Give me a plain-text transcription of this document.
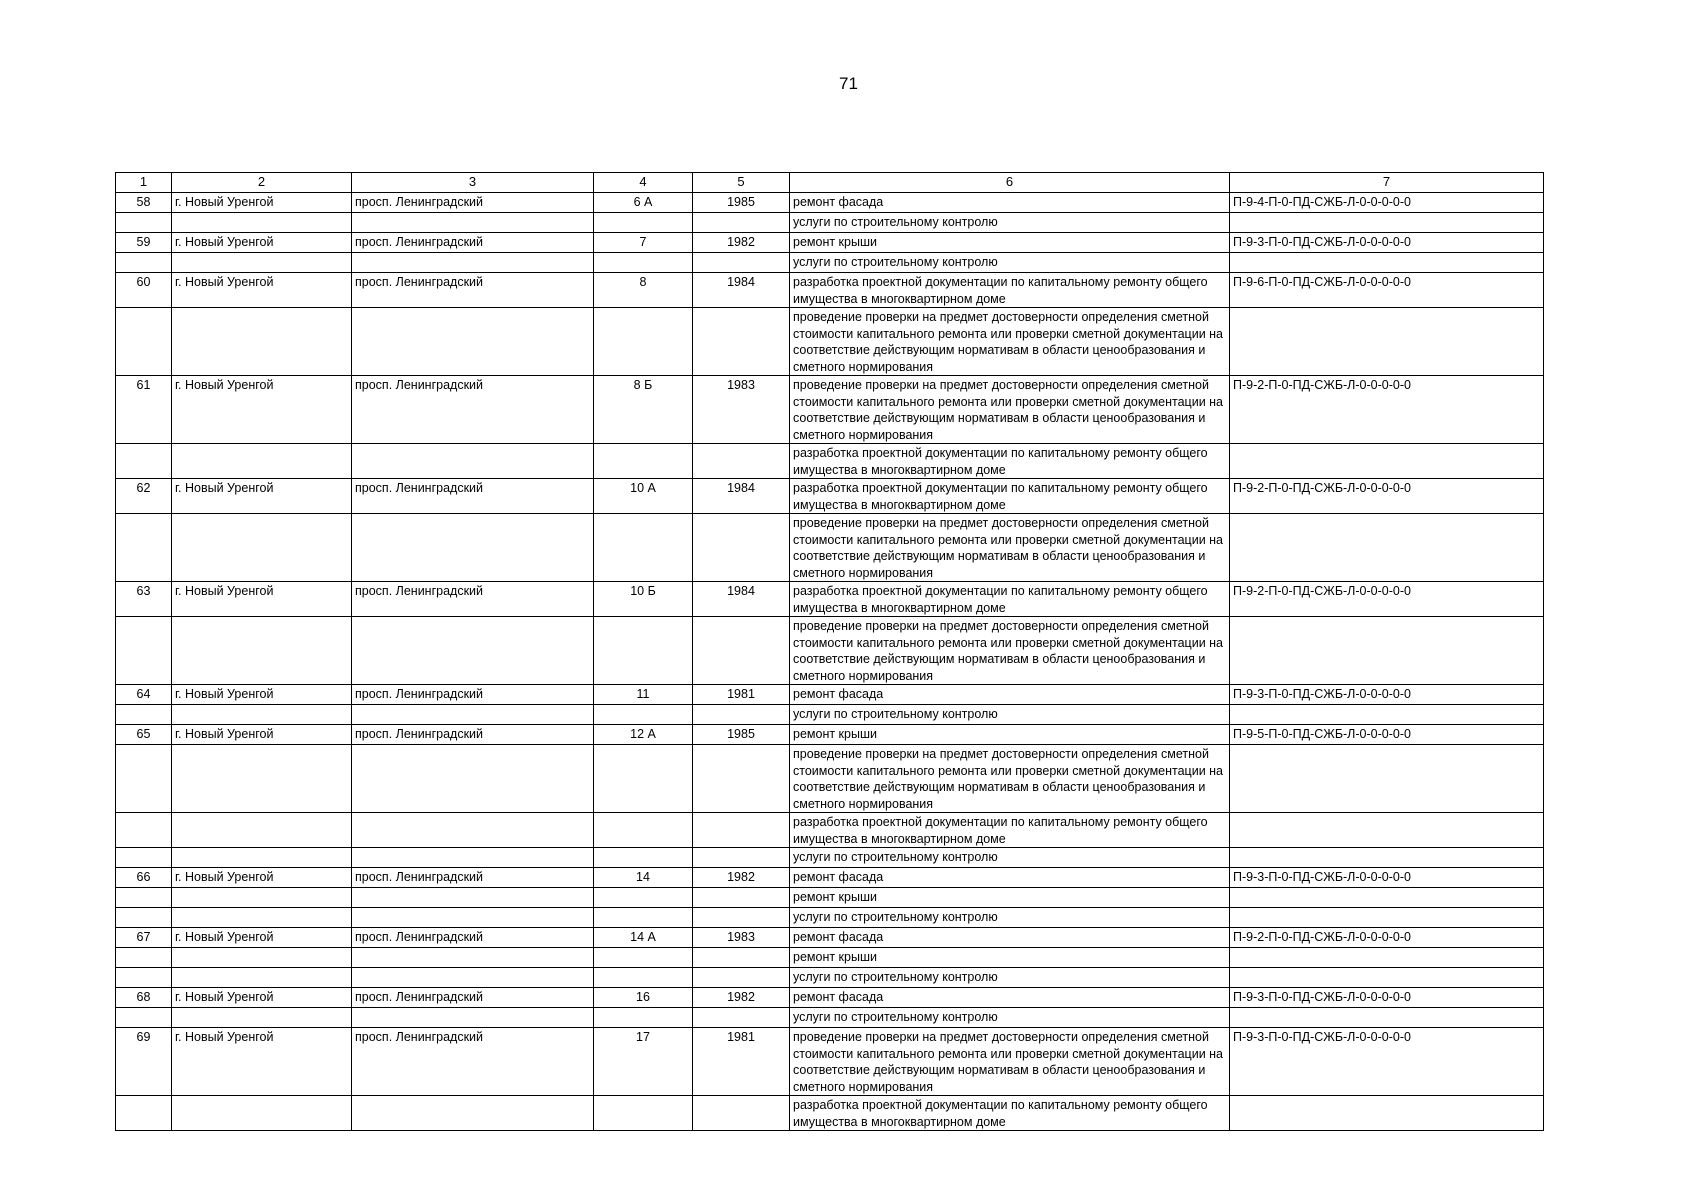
71
1	2	3	4	5	6	7
58	г. Новый Уренгой	просп. Ленинградский	6 А	1985	ремонт фасада	П-9-4-П-0-ПД-СЖБ-Л-0-0-0-0-0
					услуги по строительному контролю	
59	г. Новый Уренгой	просп. Ленинградский	7	1982	ремонт крыши	П-9-3-П-0-ПД-СЖБ-Л-0-0-0-0-0
					услуги по строительному контролю	
60	г. Новый Уренгой	просп. Ленинградский	8	1984	разработка проектной документации по капитальному ремонту общего имущества в многоквартирном доме	П-9-6-П-0-ПД-СЖБ-Л-0-0-0-0-0
					проведение проверки на предмет достоверности определения сметной стоимости капитального ремонта или проверки сметной документации на соответствие действующим нормативам в области ценообразования и сметного нормирования	
61	г. Новый Уренгой	просп. Ленинградский	8 Б	1983	проведение проверки на предмет достоверности определения сметной стоимости капитального ремонта или проверки сметной документации на соответствие действующим нормативам в области ценообразования и сметного нормирования	П-9-2-П-0-ПД-СЖБ-Л-0-0-0-0-0
					разработка проектной документации по капитальному ремонту общего имущества в многоквартирном доме	
62	г. Новый Уренгой	просп. Ленинградский	10 А	1984	разработка проектной документации по капитальному ремонту общего имущества в многоквартирном доме	П-9-2-П-0-ПД-СЖБ-Л-0-0-0-0-0
					проведение проверки на предмет достоверности определения сметной стоимости капитального ремонта или проверки сметной документации на соответствие действующим нормативам в области ценообразования и сметного нормирования	
63	г. Новый Уренгой	просп. Ленинградский	10 Б	1984	разработка проектной документации по капитальному ремонту общего имущества в многоквартирном доме	П-9-2-П-0-ПД-СЖБ-Л-0-0-0-0-0
					проведение проверки на предмет достоверности определения сметной стоимости капитального ремонта или проверки сметной документации на соответствие действующим нормативам в области ценообразования и сметного нормирования	
64	г. Новый Уренгой	просп. Ленинградский	11	1981	ремонт фасада	П-9-3-П-0-ПД-СЖБ-Л-0-0-0-0-0
					услуги по строительному контролю	
65	г. Новый Уренгой	просп. Ленинградский	12 А	1985	ремонт крыши	П-9-5-П-0-ПД-СЖБ-Л-0-0-0-0-0
					проведение проверки на предмет достоверности определения сметной стоимости капитального ремонта или проверки сметной документации на соответствие действующим нормативам в области ценообразования и сметного нормирования	
					разработка проектной документации по капитальному ремонту общего имущества в многоквартирном доме	
					услуги по строительному контролю	
66	г. Новый Уренгой	просп. Ленинградский	14	1982	ремонт фасада	П-9-3-П-0-ПД-СЖБ-Л-0-0-0-0-0
					ремонт крыши	
					услуги по строительному контролю	
67	г. Новый Уренгой	просп. Ленинградский	14 А	1983	ремонт фасада	П-9-2-П-0-ПД-СЖБ-Л-0-0-0-0-0
					ремонт крыши	
					услуги по строительному контролю	
68	г. Новый Уренгой	просп. Ленинградский	16	1982	ремонт фасада	П-9-3-П-0-ПД-СЖБ-Л-0-0-0-0-0
					услуги по строительному контролю	
69	г. Новый Уренгой	просп. Ленинградский	17	1981	проведение проверки на предмет достоверности определения сметной стоимости капитального ремонта или проверки сметной документации на соответствие действующим нормативам в области ценообразования и сметного нормирования	П-9-3-П-0-ПД-СЖБ-Л-0-0-0-0-0
					разработка проектной документации по капитальному ремонту общего имущества в многоквартирном доме	
